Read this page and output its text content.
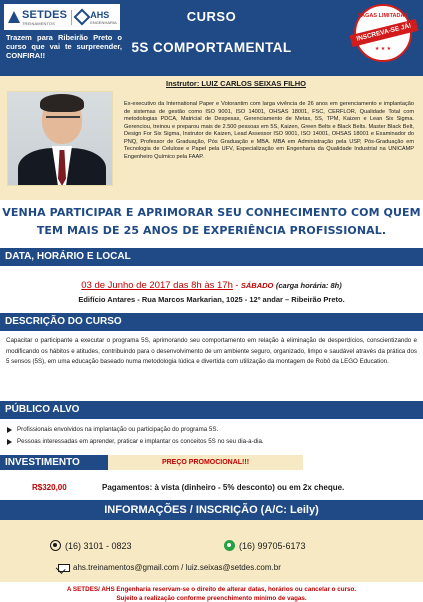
SETDES
TREINAMENTOS
AHS
ENGENHARIA
Trazem para Ribeirão Preto o curso que vai te surpreender, CONFIRA!!
CURSO
5S COMPORTAMENTAL
VAGAS LIMITADAS
INSCREVA-SE JÁ!
★ ★ ★
Instrutor: LUIZ CARLOS SEIXAS FILHO
Ex-executivo da International Paper e Votorantim com larga vivência de 26 anos em gerenciamento e implantação de sistemas de gestão como ISO 9001, ISO 14001, OHSAS 18001, FSC, CERFLOR, Qualidade Total com metodologias PDCA, Matricial de Despesas, Gerenciamento de Metas, 5S, TPM, Kaizen e Lean Six Sigma. Gerenciou, treinou e preparou mais de 2.500 pessoas em 5S, Kaizen, Green Belts e Black Belts. Master Black Belt, Design For Six Sigma, Instrutor de Kaizen, Lead Assessor ISO 9001, ISO 14001, OHSAS 18001 e Examinador do PNQ, Professor de Graduação, Pós Graduação e MBA. MBA em Administração pela USP, Pós-Graduação em Tecnologia de Celulose e Papel pela UFV, Especialização em Engenharia da Qualidade Industrial na UNICAMP Engenheiro Químico pela FAAP.
VENHA PARTICIPAR E APRIMORAR SEU CONHECIMENTO COM QUEM TEM MAIS DE 25 ANOS DE EXPERIÊNCIA PROFISSIONAL.
DATA, HORÁRIO E LOCAL
03 de Junho de 2017 das 8h às 17h - SÁBADO (carga horária: 8h)
Edifício Antares - Rua Marcos Markarian, 1025 - 12º andar – Ribeirão Preto.
DESCRIÇÃO DO CURSO
Capacitar o participante a executar o programa 5S, aprimorando seu comportamento em relação à eliminação de desperdícios, conscientizando e modificando os hábitos e atitudes, contribuindo para o desenvolvimento de um ambiente seguro, organizado, limpo e saudável através da prática dos 5 sensos (5S), em uma educação baseado numa metodologia lúdica e divertida com utilização da montagem de Robô da LEGO Education.
PÚBLICO ALVO
Profissionais envolvidos na implantação ou participação do programa 5S.
Pessoas interessadas em aprender, praticar e implantar os conceitos 5S no seu dia-a-dia.
INVESTIMENTO	PREÇO PROMOCIONAL!!!
R$320,00	Pagamentos: à vista (dinheiro - 5% desconto) ou em 2x cheque.
INFORMAÇÕES / INSCRIÇÃO (A/C: Leily)
(16) 3101 - 0823	(16) 99705-6173
ahs.treinamentos@gmail.com / luiz.seixas@setdes.com.br
A SETDES/ AHS Engenharia reservam-se o direito de alterar datas, horários ou cancelar o curso.
Sujeito a realização conforme preenchimento mínimo de vagas.
